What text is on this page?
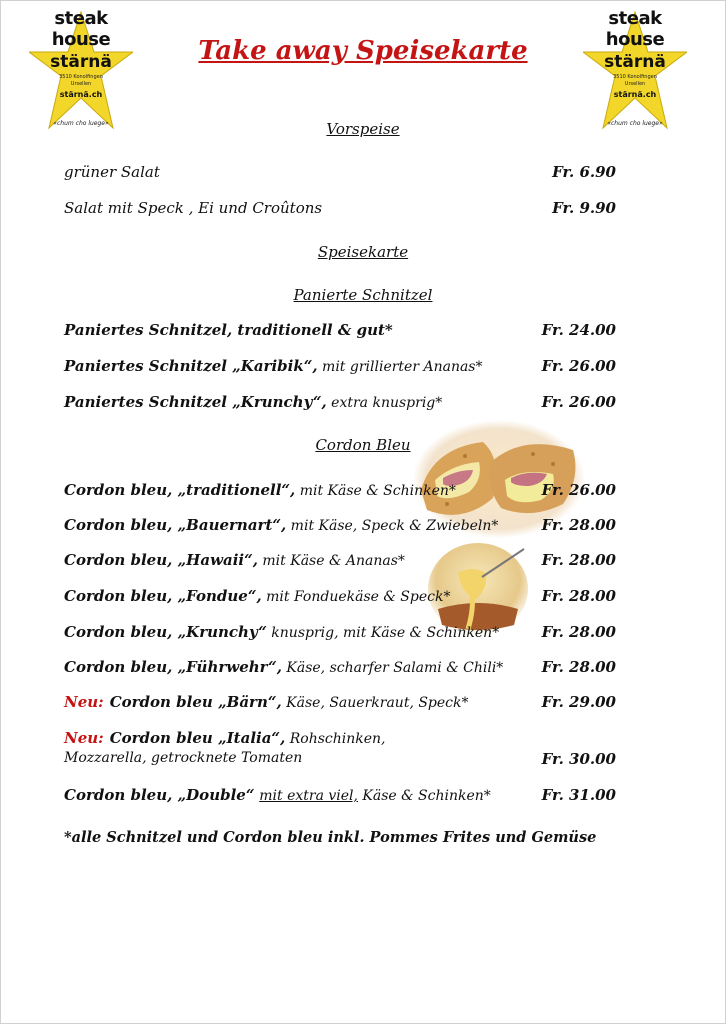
steak house
stärnä
3510 Konolfingen
Ursellen
stärnä.ch
«chum cho luege»
steak house
stärnä
3510 Konolfingen
Ursellen
stärnä.ch
«chum cho luege»
Take away Speisekarte
Vorspeise
grüner Salat	Fr. 6.90
Salat mit Speck , Ei und Croûtons	Fr. 9.90
Speisekarte
Panierte Schnitzel
Paniertes Schnitzel, traditionell & gut*	Fr. 24.00
Paniertes Schnitzel „Karibik“, mit grillierter Ananas*	Fr. 26.00
Paniertes Schnitzel „Krunchy“, extra knusprig*	Fr. 26.00
Cordon Bleu
Cordon bleu, „traditionell“, mit Käse & Schinken*	Fr. 26.00
Cordon bleu, „Bauernart“, mit Käse, Speck & Zwiebeln*	Fr. 28.00
Cordon bleu, „Hawaii“, mit Käse & Ananas*	Fr. 28.00
Cordon bleu, „Fondue“, mit Fonduekäse & Speck*	Fr. 28.00
Cordon bleu, „Krunchy“ knusprig, mit Käse & Schinken*	Fr. 28.00
Cordon bleu, „Führwehr“, Käse, scharfer Salami & Chili*	Fr. 28.00
Neu: Cordon bleu „Bärn“, Käse, Sauerkraut, Speck*	Fr. 29.00
Neu: Cordon bleu „Italia“, Rohschinken,
Mozzarella, getrocknete Tomaten	Fr. 30.00
Cordon bleu, „Double“ mit extra viel, Käse & Schinken*	Fr. 31.00
*alle Schnitzel und Cordon bleu inkl. Pommes Frites und Gemüse
